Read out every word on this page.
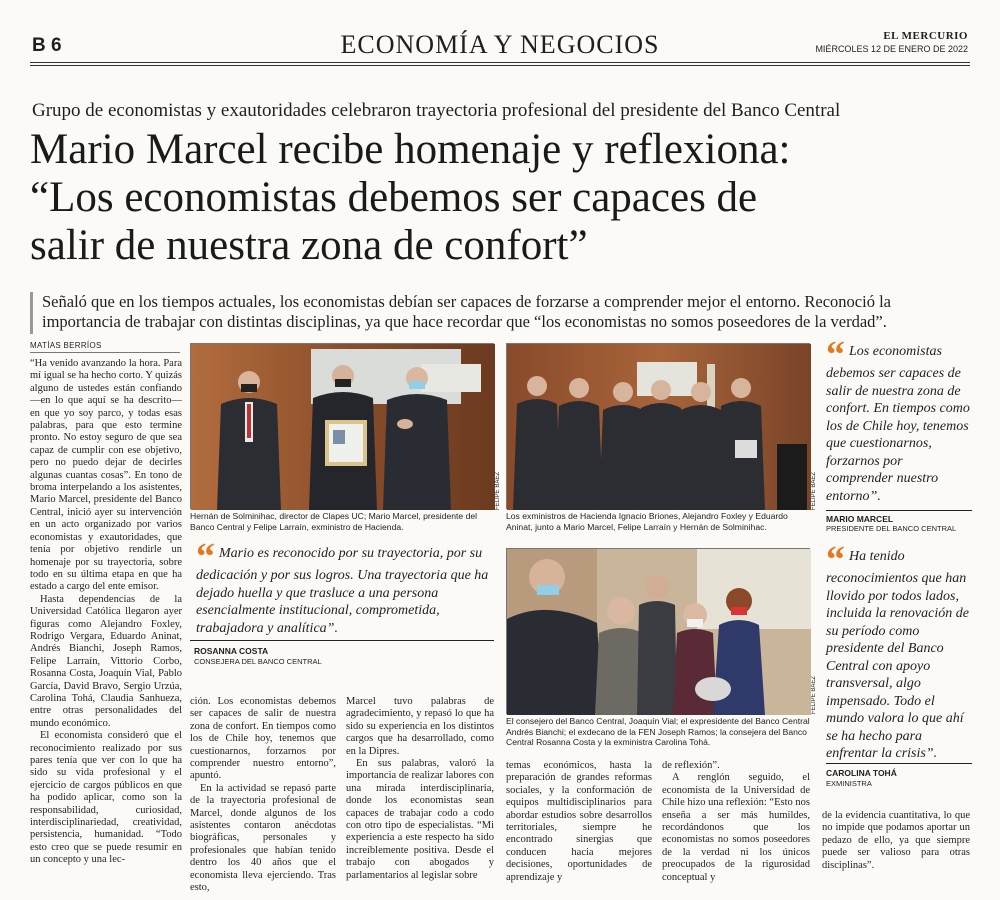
B 6	ECONOMÍA Y NEGOCIOS	EL MERCURIO
MIÉRCOLES 12 DE ENERO DE 2022
Grupo de economistas y exautoridades celebraron trayectoria profesional del presidente del Banco Central
Mario Marcel recibe homenaje y reflexiona:
“Los economistas debemos ser capaces de
salir de nuestra zona de confort”
Señaló que en los tiempos actuales, los economistas debían ser capaces de forzarse a comprender mejor el entorno. Reconoció la importancia de trabajar con distintas disciplinas, ya que hace recordar que “los economistas no somos poseedores de la verdad”.
MATÍAS BERRÍOS

“Ha venido avanzando la hora. Para mí igual se ha hecho corto. Y quizás alguno de ustedes están confiando —en lo que aquí se ha descrito— en que yo soy parco, y todas esas palabras, para que esto termine pronto. No estoy seguro de que sea capaz de cumplir con ese objetivo, pero no puedo dejar de decirles algunas cuantas cosas”. En tono de broma interpelando a los asistentes, Mario Marcel, presidente del Banco Central, inició ayer su intervención en un acto organizado por varios economistas y exautoridades, que tenía por objetivo rendirle un homenaje por su trayectoria, sobre todo en su última etapa en que ha estado a cargo del ente emisor.

Hasta dependencias de la Universidad Católica llegaron ayer figuras como Alejandro Foxley, Rodrigo Vergara, Eduardo Aninat, Andrés Bianchi, Joseph Ramos, Felipe Larraín, Vittorio Corbo, Rosanna Costa, Joaquín Vial, Pablo García, David Bravo, Sergio Urzúa, Carolina Tohá, Claudia Sanhueza, entre otras personalidades del mundo económico.

El economista consideró que el reconocimiento realizado por sus pares tenía que ver con lo que ha sido su vida profesional y el ejercicio de cargos públicos en que ha podido aplicar, como son la responsabilidad, curiosidad, interdisciplinariedad, creatividad, persistencia, humanidad. “Todo esto creo que se puede resumir en un concepto y una lec-

ción. Los economistas debemos ser capaces de salir de nuestra zona de confort. En tiempos como los de Chile hoy, tenemos que cuestionarnos, forzarnos por comprender nuestro entorno”, apuntó.

En la actividad se repasó parte de la trayectoria profesional de Marcel, donde algunos de los asistentes contaron anécdotas biográficas, personales y profesionales que habían tenido dentro los 40 años que el economista lleva ejerciendo. Tras esto,

Marcel tuvo palabras de agradecimiento, y repasó lo que ha sido su experiencia en los distintos cargos que ha desarrollado, como en la Dipres.

En sus palabras, valoró la importancia de realizar labores con una mirada interdisciplinaria, donde los economistas sean capaces de trabajar codo a codo con otro tipo de especialistas. “Mi experiencia a este respecto ha sido increíblemente positiva. Desde el trabajo con abogados y parlamentarios al legislar sobre

temas económicos, hasta la preparación de grandes reformas sociales, y la conformación de equipos multidisciplinarios para abordar estudios sobre desarrollos territoriales, siempre he encontrado sinergias que conducen hacia mejores decisiones, oportunidades de aprendizaje y

de reflexión”.

A renglón seguido, el economista de la Universidad de Chile hizo una reflexión: “Esto nos enseña a ser más humildes, recordándonos que los economistas no somos poseedores de la verdad ni los únicos preocupados de la rigurosidad conceptual y

de la evidencia cuantitativa, lo que no impide que podamos aportar un pedazo de ello, ya que siempre puede ser valioso para otras disciplinas”.

FELIPE BAEZ
Hernán de Solminihac, director de Clapes UC; Mario Marcel, presidente del Banco Central y Felipe Larraín, exministro de Hacienda.
FELIPE BAEZ
Los exministros de Hacienda Ignacio Briones, Alejandro Foxley y Eduardo Aninat, junto a Mario Marcel, Felipe Larraín y Hernán de Solminihac.
FELIPE BAEZ
El consejero del Banco Central, Joaquín Vial; el expresidente del Banco Central Andrés Bianchi; el exdecano de la FEN Joseph Ramos; la consejera del Banco Central Rosanna Costa y la exministra Carolina Tohá.
“ Mario es reconocido por su trayectoria, por su dedicación y por sus logros. Una trayectoria que ha dejado huella y que trasluce a una persona esencialmente institucional, comprometida, trabajadora y analítica”.
ROSANNA COSTA
CONSEJERA DEL BANCO CENTRAL
“ Los economistas debemos ser capaces de salir de nuestra zona de confort. En tiempos como los de Chile hoy, tenemos que cuestionarnos, forzarnos por comprender nuestro entorno”.
MARIO MARCEL
PRESIDENTE DEL BANCO CENTRAL
“ Ha tenido reconocimientos que han llovido por todos lados, incluida la renovación de su período como presidente del Banco Central con apoyo transversal, algo impensado. Todo el mundo valora lo que ahí se ha hecho para enfrentar la crisis”.
CAROLINA TOHÁ
EXMINISTRA
